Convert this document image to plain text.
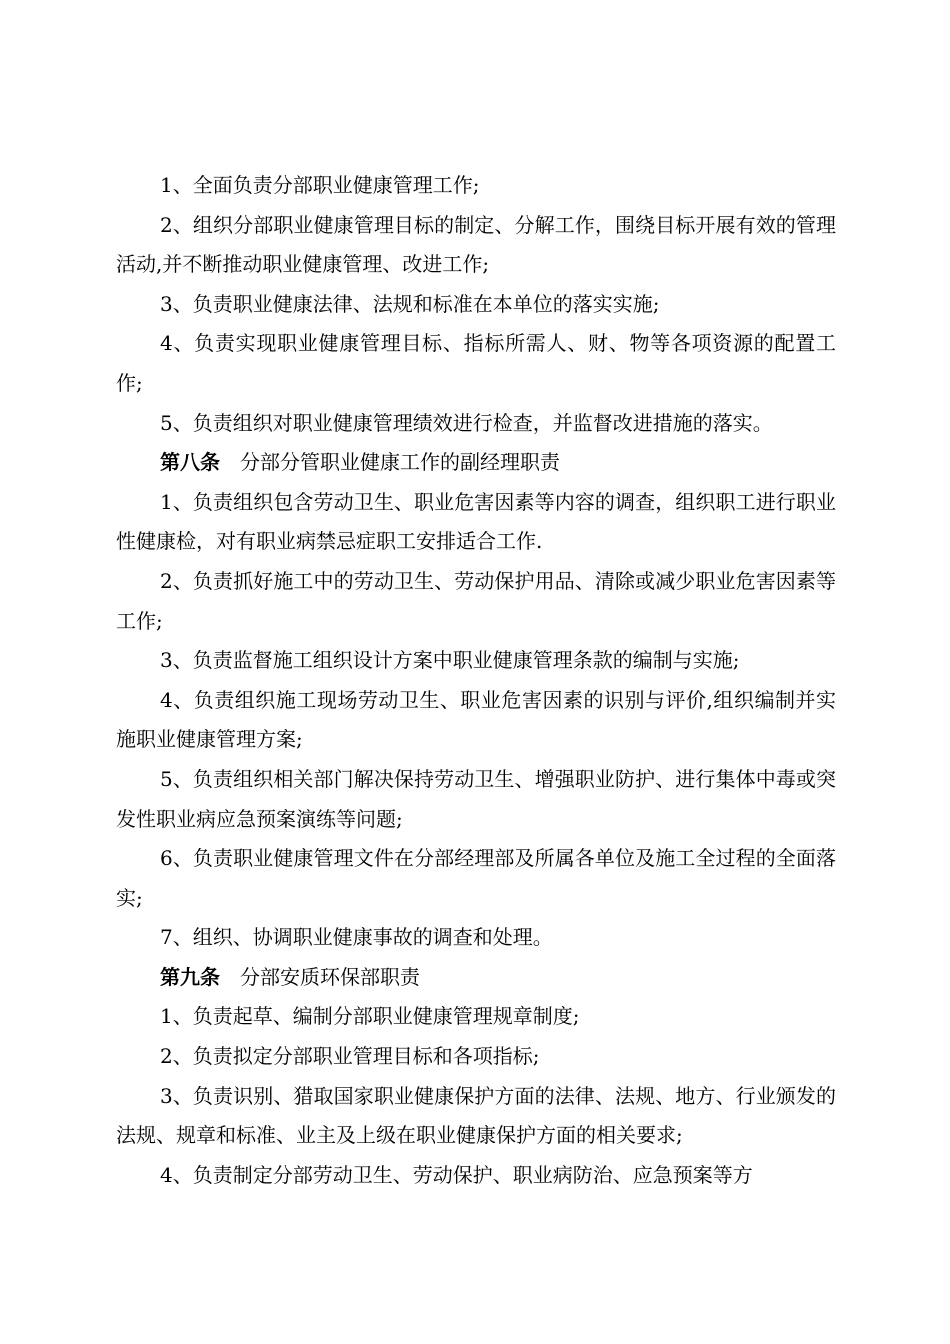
1、全面负责分部职业健康管理工作;

2、组织分部职业健康管理目标的制定、分解工作，围绕目标开展有效的管理活动,并不断推动职业健康管理、改进工作;

3、负责职业健康法律、法规和标准在本单位的落实实施;

4、负责实现职业健康管理目标、指标所需人、财、物等各项资源的配置工作;

5、负责组织对职业健康管理绩效进行检查，并监督改进措施的落实。

第八条 分部分管职业健康工作的副经理职责

1、负责组织包含劳动卫生、职业危害因素等内容的调查，组织职工进行职业性健康检，对有职业病禁忌症职工安排适合工作.

2、负责抓好施工中的劳动卫生、劳动保护用品、清除或减少职业危害因素等工作;

3、负责监督施工组织设计方案中职业健康管理条款的编制与实施;

4、负责组织施工现场劳动卫生、职业危害因素的识别与评价,组织编制并实施职业健康管理方案;

5、负责组织相关部门解决保持劳动卫生、增强职业防护、进行集体中毒或突发性职业病应急预案演练等问题;

6、负责职业健康管理文件在分部经理部及所属各单位及施工全过程的全面落实;

7、组织、协调职业健康事故的调查和处理。

第九条 分部安质环保部职责

1、负责起草、编制分部职业健康管理规章制度;

2、负责拟定分部职业管理目标和各项指标;

3、负责识别、猎取国家职业健康保护方面的法律、法规、地方、行业颁发的法规、规章和标准、业主及上级在职业健康保护方面的相关要求;

4、负责制定分部劳动卫生、劳动保护、职业病防治、应急预案等方
